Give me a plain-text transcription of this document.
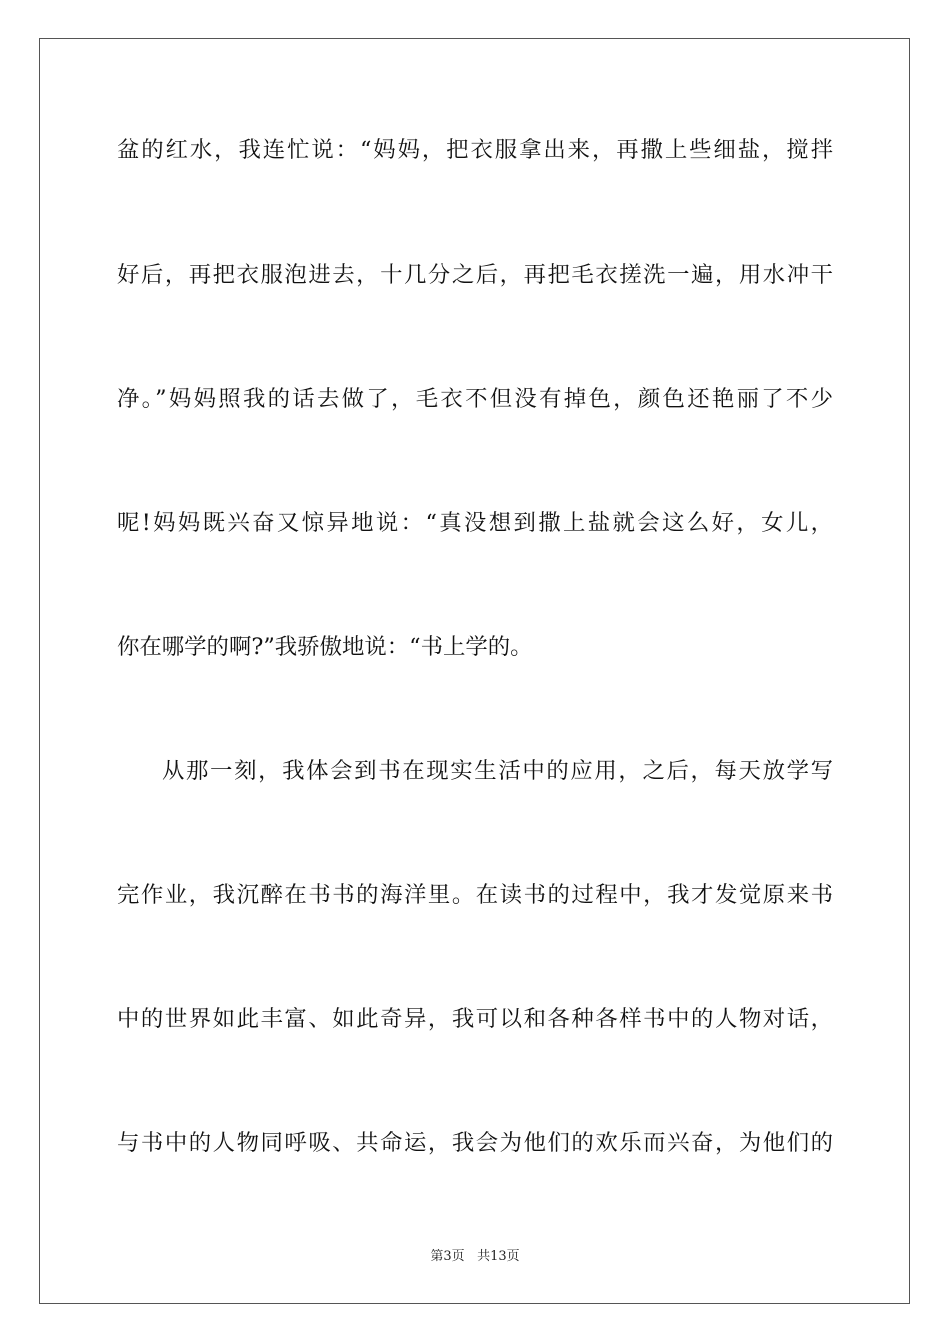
盆的红水，我连忙说：“妈妈，把衣服拿出来，再撒上些细盐，搅拌
好后，再把衣服泡进去，十几分之后，再把毛衣搓洗一遍，用水冲干
净。”妈妈照我的话去做了，毛衣不但没有掉色，颜色还艳丽了不少
呢!妈妈既兴奋又惊异地说：“真没想到撒上盐就会这么好，女儿，
你在哪学的啊?”我骄傲地说：“书上学的。
从那一刻，我体会到书在现实生活中的应用，之后，每天放学写
完作业，我沉醉在书书的海洋里。在读书的过程中，我才发觉原来书
中的世界如此丰富、如此奇异，我可以和各种各样书中的人物对话，
与书中的人物同呼吸、共命运，我会为他们的欢乐而兴奋，为他们的
第3页 共13页
